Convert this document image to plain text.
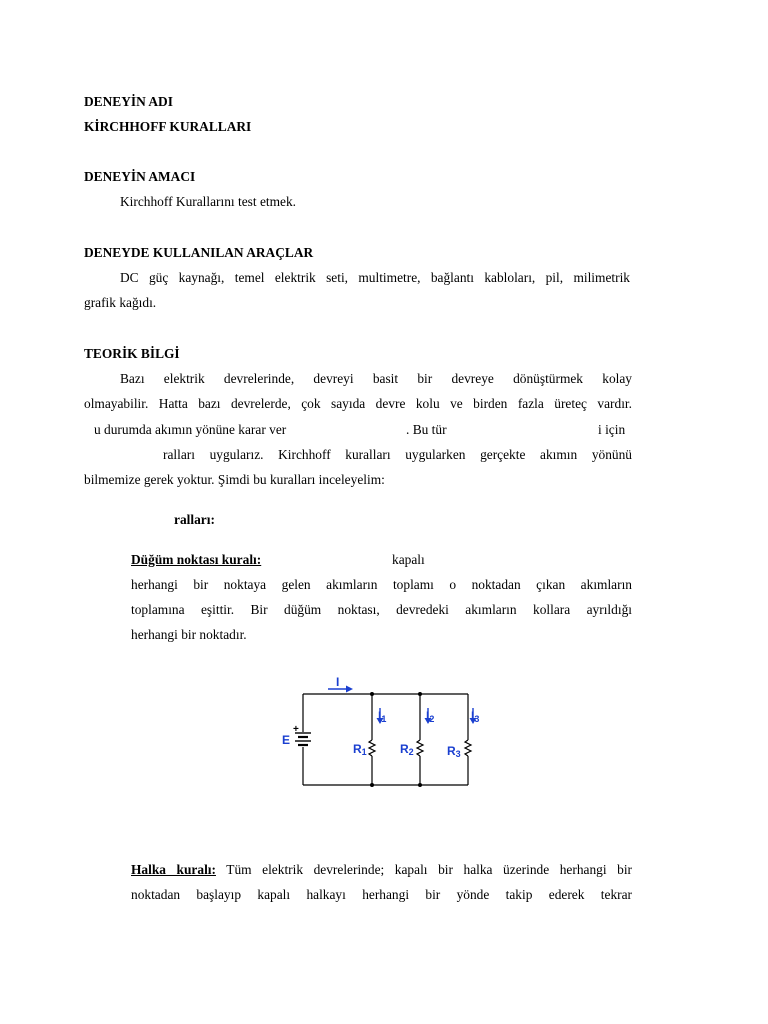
DENEYİN ADI
KİRCHHOFF KURALLARI
DENEYİN AMACI
Kirchhoff Kurallarını test etmek.
DENEYDE KULLANILAN ARAÇLAR
DC güç kaynağı, temel elektrik seti, multimetre, bağlantı kabloları, pil, milimetrik
grafik kağıdı.
TEORİK BİLGİ
Bazı elektrik devrelerinde, devreyi basit bir devreye dönüştürmek kolay
olmayabilir. Hatta bazı devrelerde, çok sayıda devre kolu ve birden fazla üreteç vardır.
u durumda akımın yönüne karar ver	. Bu tür	i için
ralları uygularız. Kirchhoff kuralları uygularken gerçekte akımın yönünü
bilmemize gerek yoktur. Şimdi bu kuralları inceleyelim:
ralları:
Düğüm noktası kuralı:	kapalı
herhangi bir noktaya gelen akımların toplamı o noktadan çıkan akımların
toplamına eşittir. Bir düğüm noktası, devredeki akımların kollara ayrıldığı
herhangi bir noktadır.
I
I1	I2	I3
E
+
R1	R2	R3
Halka kuralı: Tüm elektrik devrelerinde; kapalı bir halka üzerinde herhangi bir
noktadan başlayıp kapalı halkayı herhangi bir yönde takip ederek tekrar
